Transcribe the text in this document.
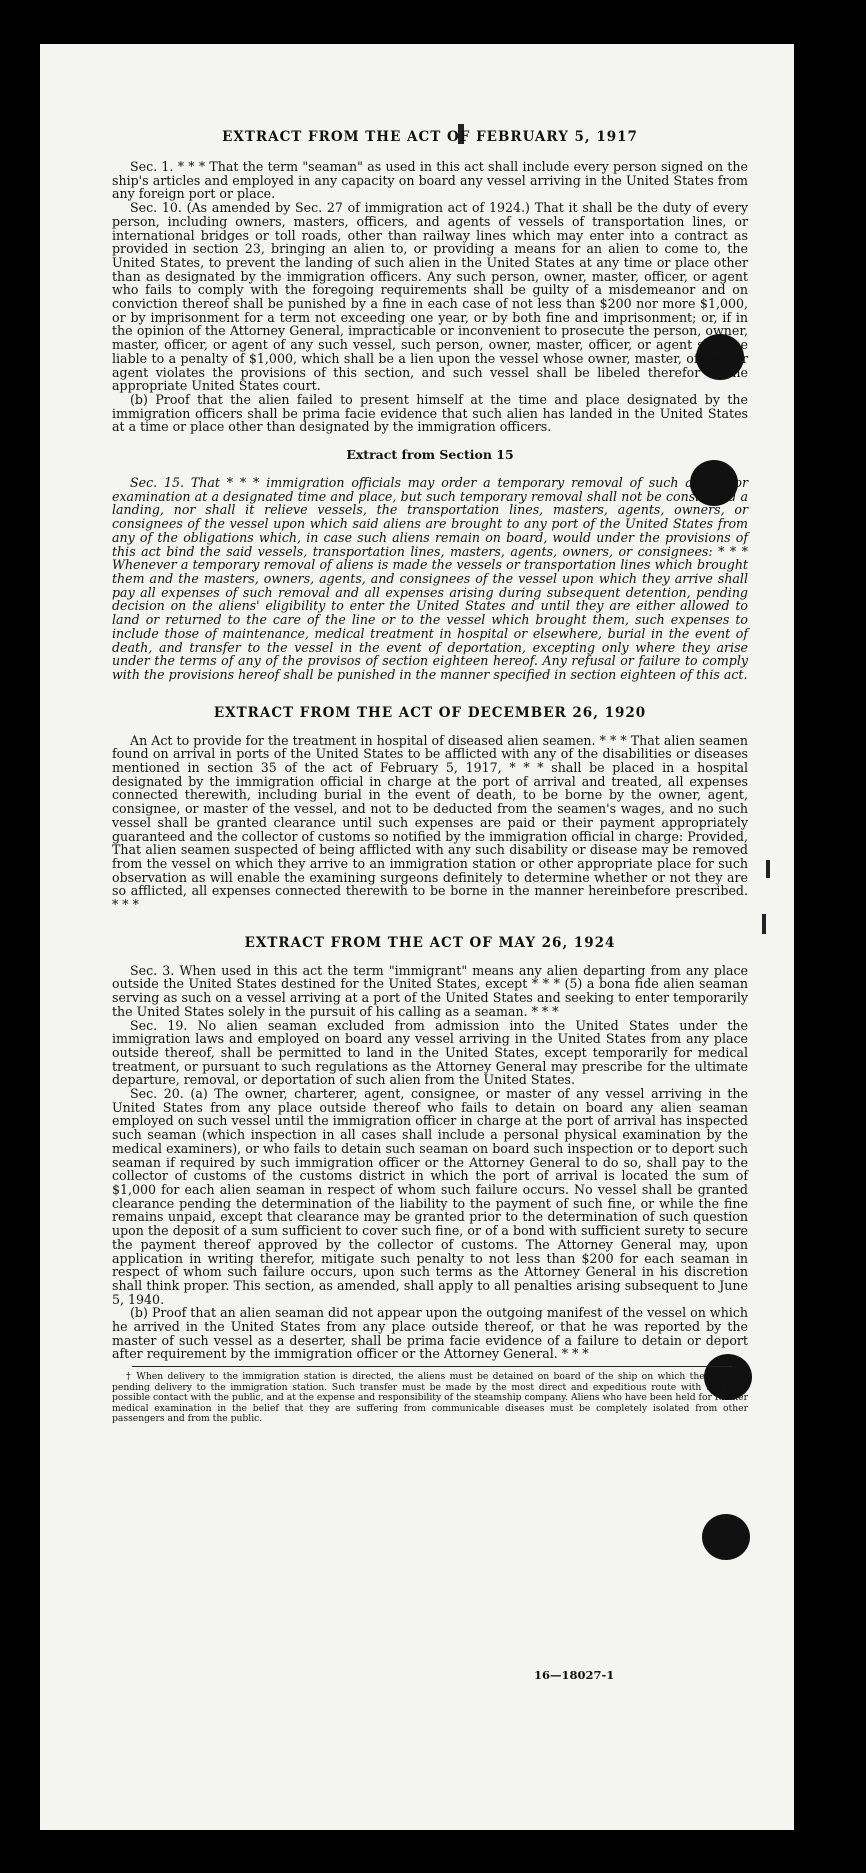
EXTRACT FROM THE ACT OF FEBRUARY 5, 1917

Sec. 1. * * * That the term "seaman" as used in this act shall include every person signed on the ship's articles and employed in any capacity on board any vessel arriving in the United States from any foreign port or place.

Sec. 10. (As amended by Sec. 27 of immigration act of 1924.) That it shall be the duty of every person, including owners, masters, officers, and agents of vessels of transportation lines, or international bridges or toll roads, other than railway lines which may enter into a contract as provided in section 23, bringing an alien to, or providing a means for an alien to come to, the United States, to prevent the landing of such alien in the United States at any time or place other than as designated by the immigration officers. Any such person, owner, master, officer, or agent who fails to comply with the foregoing requirements shall be guilty of a misdemeanor and on conviction thereof shall be punished by a fine in each case of not less than $200 nor more $1,000, or by imprisonment for a term not exceeding one year, or by both fine and imprisonment; or, if in the opinion of the Attorney General, impracticable or inconvenient to prosecute the person, owner, master, officer, or agent of any such vessel, such person, owner, master, officer, or agent shall be liable to a penalty of $1,000, which shall be a lien upon the vessel whose owner, master, officer, or agent violates the provisions of this section, and such vessel shall be libeled therefor in the appropriate United States court.

(b) Proof that the alien failed to present himself at the time and place designated by the immigration officers shall be prima facie evidence that such alien has landed in the United States at a time or place other than designated by the immigration officers.

Extract from Section 15

Sec. 15. That * * * immigration officials may order a temporary removal of such aliens for examination at a designated time and place, but such temporary removal shall not be considered a landing, nor shall it relieve vessels, the transportation lines, masters, agents, owners, or consignees of the vessel upon which said aliens are brought to any port of the United States from any of the obligations which, in case such aliens remain on board, would under the provisions of this act bind the said vessels, transportation lines, masters, agents, owners, or consignees: * * * Whenever a temporary removal of aliens is made the vessels or transportation lines which brought them and the masters, owners, agents, and consignees of the vessel upon which they arrive shall pay all expenses of such removal and all expenses arising during subsequent detention, pending decision on the aliens' eligibility to enter the United States and until they are either allowed to land or returned to the care of the line or to the vessel which brought them, such expenses to include those of maintenance, medical treatment in hospital or elsewhere, burial in the event of death, and transfer to the vessel in the event of deportation, excepting only where they arise under the terms of any of the provisos of section eighteen hereof. Any refusal or failure to comply with the provisions hereof shall be punished in the manner specified in section eighteen of this act.

EXTRACT FROM THE ACT OF DECEMBER 26, 1920

An Act to provide for the treatment in hospital of diseased alien seamen. * * * That alien seamen found on arrival in ports of the United States to be afflicted with any of the disabilities or diseases mentioned in section 35 of the act of February 5, 1917, * * * shall be placed in a hospital designated by the immigration official in charge at the port of arrival and treated, all expenses connected therewith, including burial in the event of death, to be borne by the owner, agent, consignee, or master of the vessel, and not to be deducted from the seamen's wages, and no such vessel shall be granted clearance until such expenses are paid or their payment appropriately guaranteed and the collector of customs so notified by the immigration official in charge: Provided, That alien seamen suspected of being afflicted with any such disability or disease may be removed from the vessel on which they arrive to an immigration station or other appropriate place for such observation as will enable the examining surgeons definitely to determine whether or not they are so afflicted, all expenses connected therewith to be borne in the manner hereinbefore prescribed. * * *

EXTRACT FROM THE ACT OF MAY 26, 1924

Sec. 3. When used in this act the term "immigrant" means any alien departing from any place outside the United States destined for the United States, except * * * (5) a bona fide alien seaman serving as such on a vessel arriving at a port of the United States and seeking to enter temporarily the United States solely in the pursuit of his calling as a seaman. * * *

Sec. 19. No alien seaman excluded from admission into the United States under the immigration laws and employed on board any vessel arriving in the United States from any place outside thereof, shall be permitted to land in the United States, except temporarily for medical treatment, or pursuant to such regulations as the Attorney General may prescribe for the ultimate departure, removal, or deportation of such alien from the United States.

Sec. 20. (a) The owner, charterer, agent, consignee, or master of any vessel arriving in the United States from any place outside thereof who fails to detain on board any alien seaman employed on such vessel until the immigration officer in charge at the port of arrival has inspected such seaman (which inspection in all cases shall include a personal physical examination by the medical examiners), or who fails to detain such seaman on board such inspection or to deport such seaman if required by such immigration officer or the Attorney General to do so, shall pay to the collector of customs of the customs district in which the port of arrival is located the sum of $1,000 for each alien seaman in respect of whom such failure occurs. No vessel shall be granted clearance pending the determination of the liability to the payment of such fine, or while the fine remains unpaid, except that clearance may be granted prior to the determination of such question upon the deposit of a sum sufficient to cover such fine, or of a bond with sufficient surety to secure the payment thereof approved by the collector of customs. The Attorney General may, upon application in writing therefor, mitigate such penalty to not less than $200 for each seaman in respect of whom such failure occurs, upon such terms as the Attorney General in his discretion shall think proper. This section, as amended, shall apply to all penalties arising subsequent to June 5, 1940.

(b) Proof that an alien seaman did not appear upon the outgoing manifest of the vessel on which he arrived in the United States from any place outside thereof, or that he was reported by the master of such vessel as a deserter, shall be prima facie evidence of a failure to detain or deport after requirement by the immigration officer or the Attorney General. * * *

† When delivery to the immigration station is directed, the aliens must be detained on board of the ship on which they arrived pending delivery to the immigration station. Such transfer must be made by the most direct and expeditious route with the least possible contact with the public, and at the expense and responsibility of the steamship company. Aliens who have been held for further medical examination in the belief that they are suffering from communicable diseases must be completely isolated from other passengers and from the public.

16—18027-1
